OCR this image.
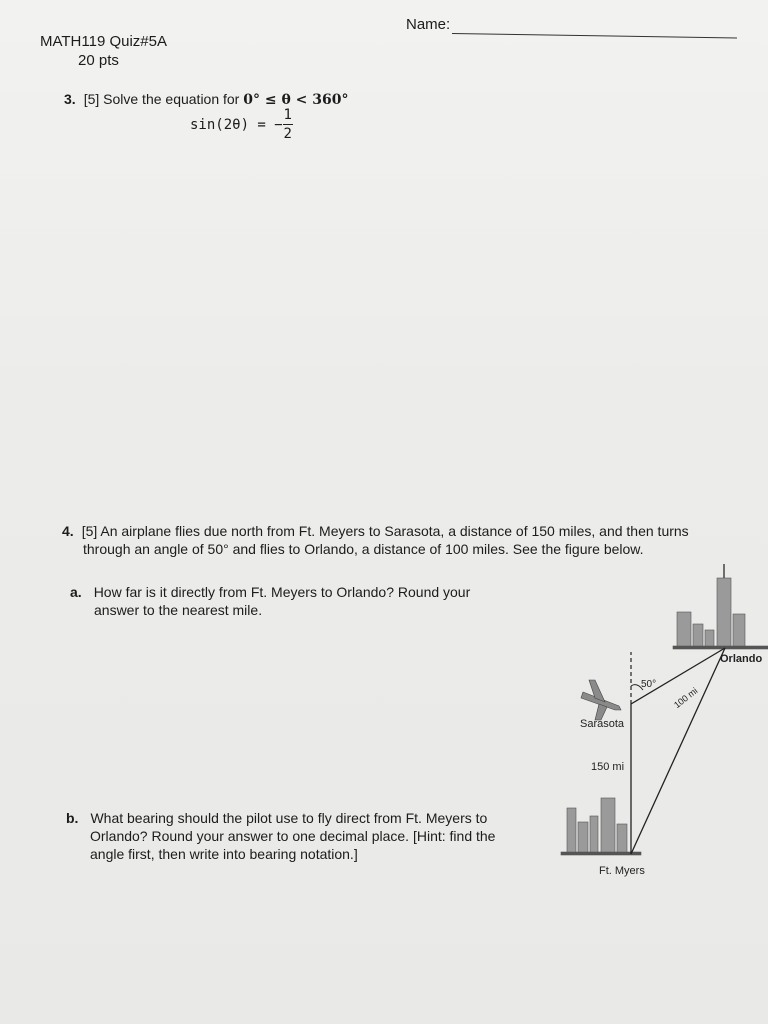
MATH119 Quiz#5A
20 pts
Name:
3. [5] Solve the equation for 0° ≤ θ < 360°
sin(2θ) = − $\frac{1}{2}$
4. [5] An airplane flies due north from Ft. Meyers to Sarasota, a distance of 150 miles, and then turns
through an angle of 50° and flies to Orlando, a distance of 100 miles. See the figure below.
a. How far is it directly from Ft. Meyers to Orlando? Round your
answer to the nearest mile.
b. What bearing should the pilot use to fly direct from Ft. Meyers to
Orlando? Round your answer to one decimal place. [Hint: find the
angle first, then write into bearing notation.]
Orlando
50°
Sarasota
150 mi
100 mi
Ft. Myers
